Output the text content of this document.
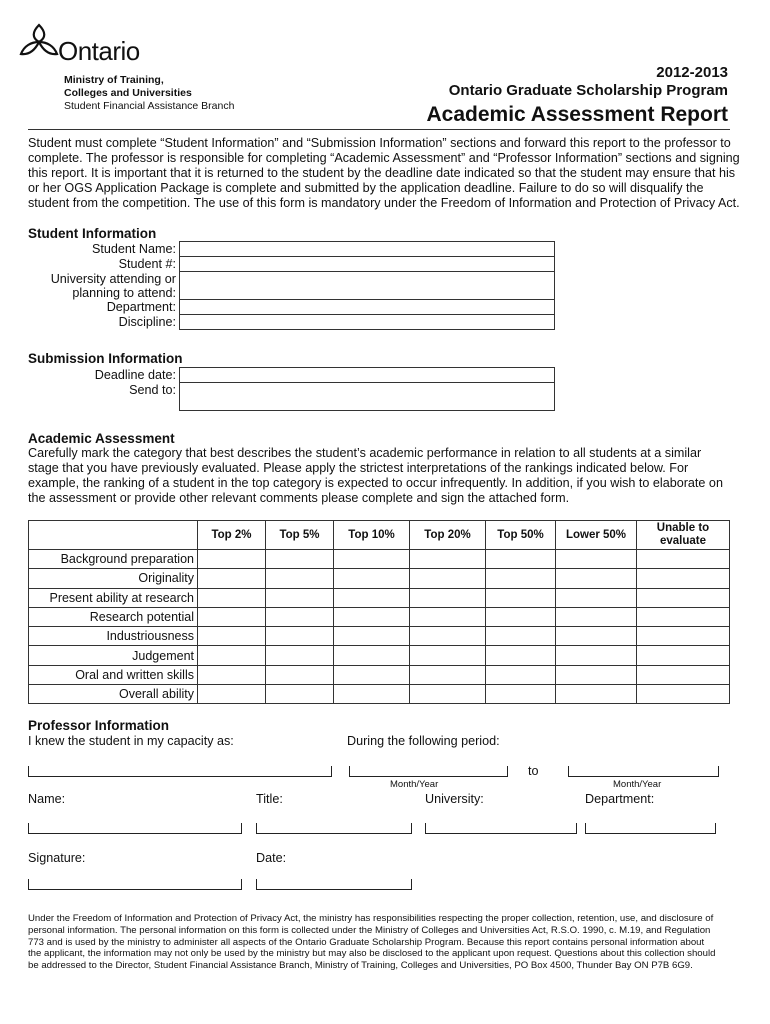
Ontario
Ministry of Training,
Colleges and Universities
Student Financial Assistance Branch
2012-2013
Ontario Graduate Scholarship Program
Academic Assessment Report
Student must complete “Student Information” and “Submission Information” sections and forward this report to the professor to complete. The professor is responsible for completing “Academic Assessment” and “Professor Information” sections and signing this report. It is important that it is returned to the student by the deadline date indicated so that the student may ensure that his or her OGS Application Package is complete and submitted by the application deadline. Failure to do so will disqualify the student from the competition. The use of this form is mandatory under the Freedom of Information and Protection of Privacy Act.
Student Information
Student Name:	
Student #:	
University attending or
planning to attend:	
Department:	
Discipline:	
Submission Information
Deadline date:	
Send to:	
Academic Assessment
Carefully mark the category that best describes the student’s academic performance in relation to all students at a similar stage that you have previously evaluated. Please apply the strictest interpretations of the rankings indicated below. For example, the ranking of a student in the top category is expected to occur infrequently. In addition, if you wish to elaborate on the assessment or provide other relevant comments please complete and sign the attached form.
	Top 2%	Top 5%	Top 10%	Top 20%	Top 50%	Lower 50%	Unable to
evaluate
Background preparation							
Originality							
Present ability at research							
Research potential							
Industriousness							
Judgement							
Oral and written skills							
Overall ability							
Professor Information
I knew the student in my capacity as:	During the following period:
to
Month/Year	Month/Year
Name:	Title:	University:	Department:
Signature:	Date:
Under the Freedom of Information and Protection of Privacy Act, the ministry has responsibilities respecting the proper collection, retention, use, and disclosure of personal information. The personal information on this form is collected under the Ministry of Colleges and Universities Act, R.S.O. 1990, c. M.19, and Regulation 773 and is used by the ministry to administer all aspects of the Ontario Graduate Scholarship Program. Because this report contains personal information about the applicant, the information may not only be used by the ministry but may also be disclosed to the applicant upon request. Questions about this collection should be addressed to the Director, Student Financial Assistance Branch, Ministry of Training, Colleges and Universities, PO Box 4500, Thunder Bay ON P7B 6G9.
